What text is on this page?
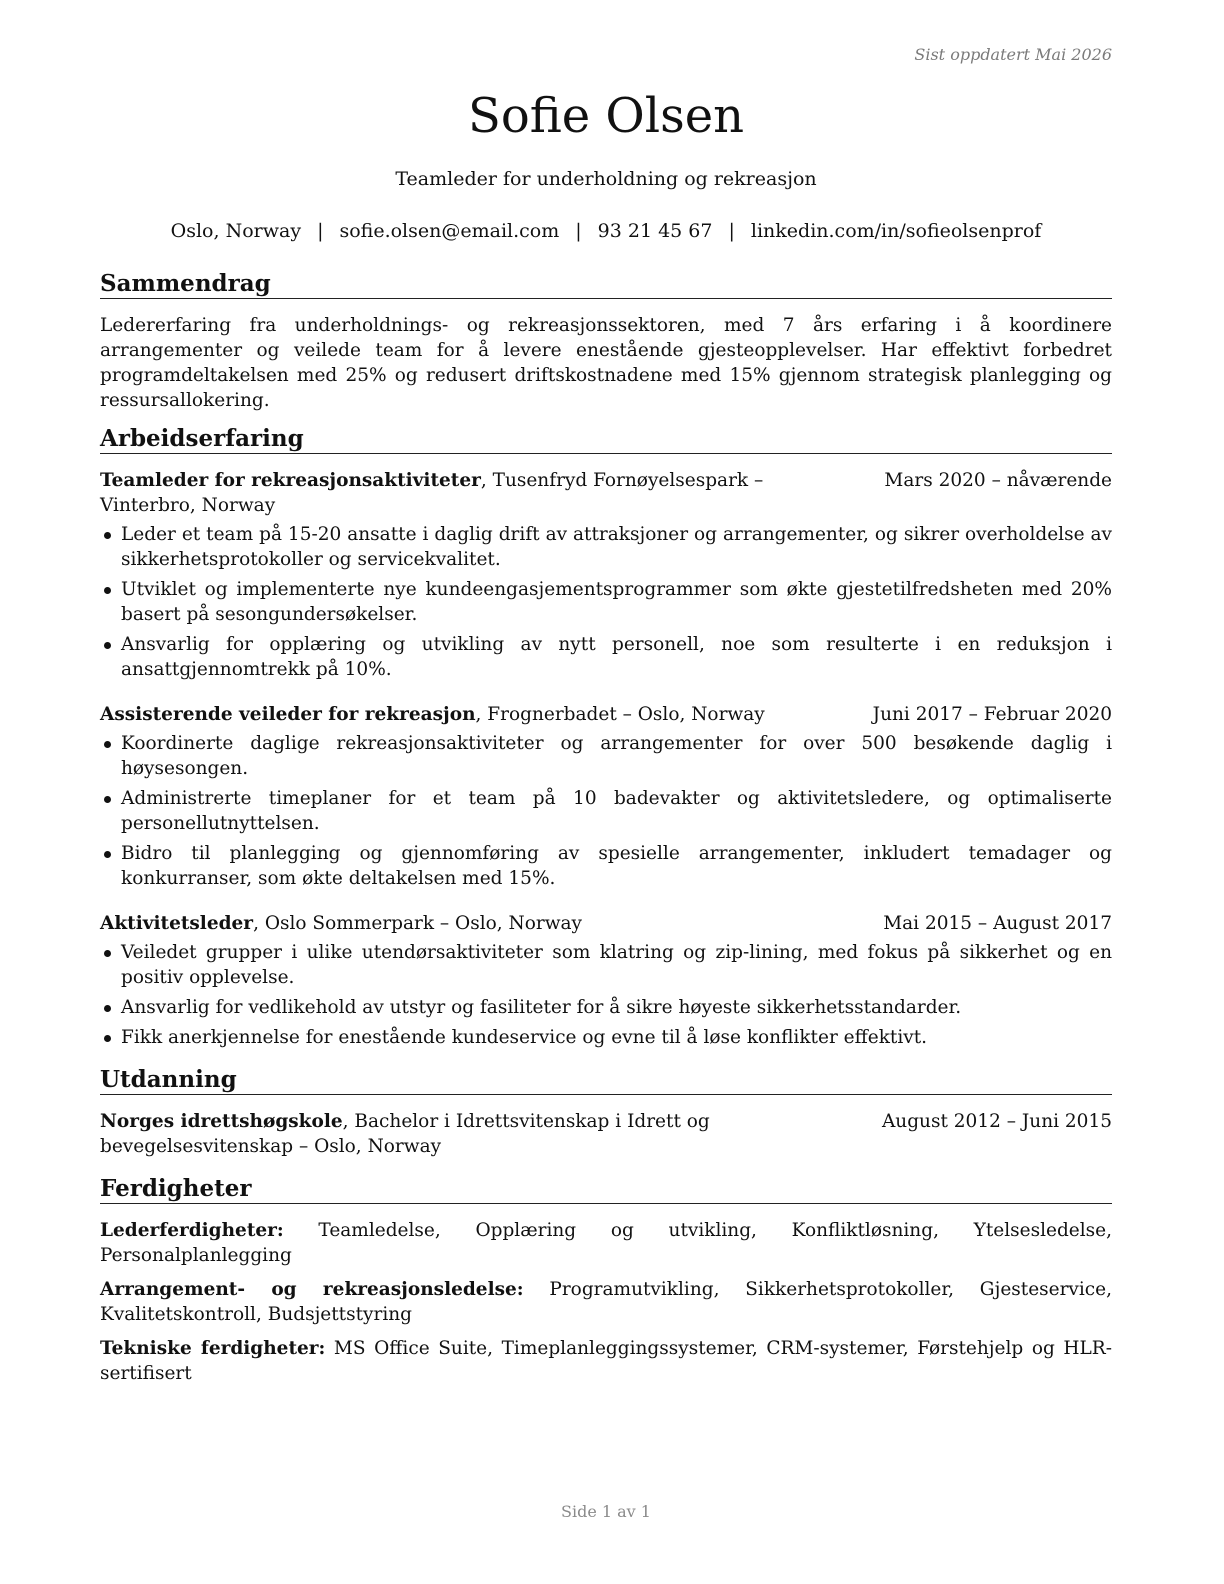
Sist oppdatert Mai 2026
Sofie Olsen
Teamleder for underholdning og rekreasjon
Oslo, Norway | sofie.olsen@email.com | 93 21 45 67 | linkedin.com/in/sofieolsenprof
Sammendrag

Ledererfaring fra underholdnings- og rekreasjonssektoren, med 7 års erfaring i å koordinere arrangementer og veilede team for å levere enestående gjesteopplevelser. Har effektivt forbedret programdeltakelsen med 25% og redusert driftskostnadene med 15% gjennom strategisk planlegging og ressursallokering.

Arbeidserfaring
Teamleder for rekreasjonsaktiviteter, Tusenfryd Fornøyelsespark – Vinterbro, Norway
Mars 2020 – nåværende
Leder et team på 15-20 ansatte i daglig drift av attraksjoner og arrangementer, og sikrer overholdelse av sikkerhetsprotokoller og servicekvalitet.
Utviklet og implementerte nye kundeengasjementsprogrammer som økte gjestetilfredsheten med 20% basert på sesongundersøkelser.
Ansvarlig for opplæring og utvikling av nytt personell, noe som resulterte i en reduksjon i ansattgjennomtrekk på 10%.
Assisterende veileder for rekreasjon, Frognerbadet – Oslo, Norway	Juni 2017 – Februar 2020
Koordinerte daglige rekreasjonsaktiviteter og arrangementer for over 500 besøkende daglig i høysesongen.
Administrerte timeplaner for et team på 10 badevakter og aktivitetsledere, og optimaliserte personellutnyttelsen.
Bidro til planlegging og gjennomføring av spesielle arrangementer, inkludert temadager og konkurranser, som økte deltakelsen med 15%.
Aktivitetsleder, Oslo Sommerpark – Oslo, Norway	Mai 2015 – August 2017
Veiledet grupper i ulike utendørsaktiviteter som klatring og zip-lining, med fokus på sikkerhet og en positiv opplevelse.
Ansvarlig for vedlikehold av utstyr og fasiliteter for å sikre høyeste sikkerhetsstandarder.
Fikk anerkjennelse for enestående kundeservice og evne til å løse konflikter effektivt.
Utdanning
Norges idrettshøgskole, Bachelor i Idrettsvitenskap i Idrett og bevegelsesvitenskap – Oslo, Norway
August 2012 – Juni 2015
Ferdigheter

Lederferdigheter: Teamledelse, Opplæring og utvikling, Konfliktløsning, Ytelsesledelse, Personalplanlegging

Arrangement- og rekreasjonsledelse: Programutvikling, Sikkerhetsprotokoller, Gjesteservice, Kvalitetskontroll, Budsjettstyring

Tekniske ferdigheter: MS Office Suite, Timeplanleggingssystemer, CRM-systemer, Førstehjelp og HLR-sertifisert

Side 1 av 1
